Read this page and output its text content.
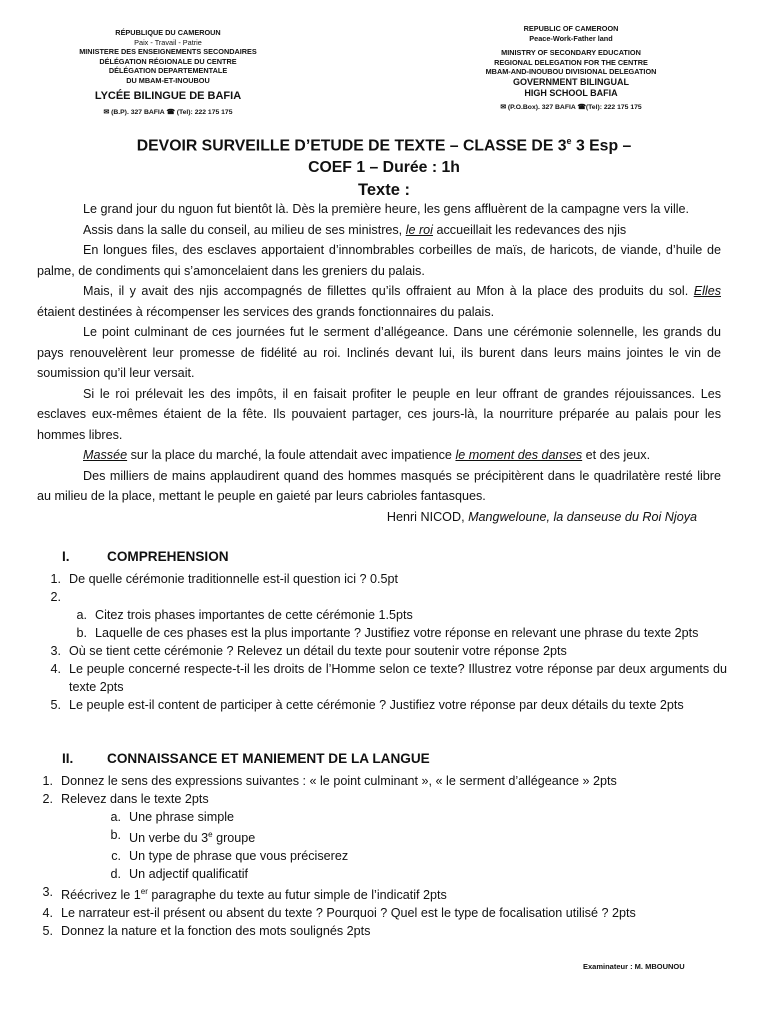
RÉPUBLIQUE DU CAMEROUN
Paix - Travail - Patrie
MINISTERE DES ENSEIGNEMENTS SECONDAIRES
DÉLÉGATION RÉGIONALE DU CENTRE
DÉLÉGATION DEPARTEMENTALE
DU MBAM-ET-INOUBOU
LYCÉE BILINGUE DE BAFIA
✉ (B.P). 327 BAFIA ☎ (Tel): 222 175 175
REPUBLIC OF CAMEROON
Peace-Work-Father land
MINISTRY OF SECONDARY EDUCATION
REGIONAL DELEGATION FOR THE CENTRE
MBAM-AND-INOUBOU DIVISIONAL DELEGATION
GOVERNMENT BILINGUAL
HIGH SCHOOL BAFIA
✉ (P.O.Box). 327 BAFIA ☎(Tel): 222 175 175
DEVOIR SURVEILLE D’ETUDE DE TEXTE – CLASSE DE 3e 3 Esp –
COEF 1 – Durée : 1h
Texte :

Le grand jour du nguon fut bientôt là. Dès la première heure, les gens affluèrent de la campagne vers la ville.

Assis dans la salle du conseil, au milieu de ses ministres, le roi accueillait les redevances des njis

En longues files, des esclaves apportaient d’innombrables corbeilles de maïs, de haricots, de viande, d’huile de palme, de condiments qui s’amoncelaient dans les greniers du palais.

Mais, il y avait des njis accompagnés de fillettes qu’ils offraient au Mfon à la place des produits du sol. Elles étaient destinées à récompenser les services des grands fonctionnaires du palais.

Le point culminant de ces journées fut le serment d’allégeance. Dans une cérémonie solennelle, les grands du pays renouvelèrent leur promesse de fidélité au roi. Inclinés devant lui, ils burent dans leurs mains jointes le vin de soumission qu’il leur versait.

Si le roi prélevait les des impôts, il en faisait profiter le peuple en leur offrant de grandes réjouissances. Les esclaves eux-mêmes étaient de la fête. Ils pouvaient partager, ces jours-là, la nourriture préparée au palais pour les hommes libres.

Massée sur la place du marché, la foule attendait avec impatience le moment des danses et des jeux.

Des milliers de mains applaudirent quand des hommes masqués se précipitèrent dans le quadrilatère resté libre au milieu de la place, mettant le peuple en gaieté par leurs cabrioles fantasques.

Henri NICOD, Mangweloune, la danseuse du Roi Njoya

I.	COMPREHENSION
1. De quelle cérémonie traditionnelle est-il question ici ? 0.5pt
2.
a. Citez trois phases importantes de cette cérémonie 1.5pts
b. Laquelle de ces phases est la plus importante ? Justifiez votre réponse en relevant une phrase du texte 2pts
3. Où se tient cette cérémonie ? Relevez un détail du texte pour soutenir votre réponse 2pts
4. Le peuple concerné respecte-t-il les droits de l’Homme selon ce texte? Illustrez votre réponse par deux arguments du texte 2pts
5. Le peuple est-il content de participer à cette cérémonie ? Justifiez votre réponse par deux détails du texte 2pts
II.	CONNAISSANCE ET MANIEMENT DE LA LANGUE
1. Donnez le sens des expressions suivantes : « le point culminant », « le serment d’allégeance » 2pts
2. Relevez dans le texte 2pts
a. Une phrase simple
b. Un verbe du 3e groupe
c. Un type de phrase que vous préciserez
d. Un adjectif qualificatif
3. Réécrivez le 1er paragraphe du texte au futur simple de l’indicatif 2pts
4. Le narrateur est-il présent ou absent du texte ? Pourquoi ? Quel est le type de focalisation utilisé ? 2pts
5. Donnez la nature et la fonction des mots soulignés 2pts
Examinateur : M. MBOUNOU
